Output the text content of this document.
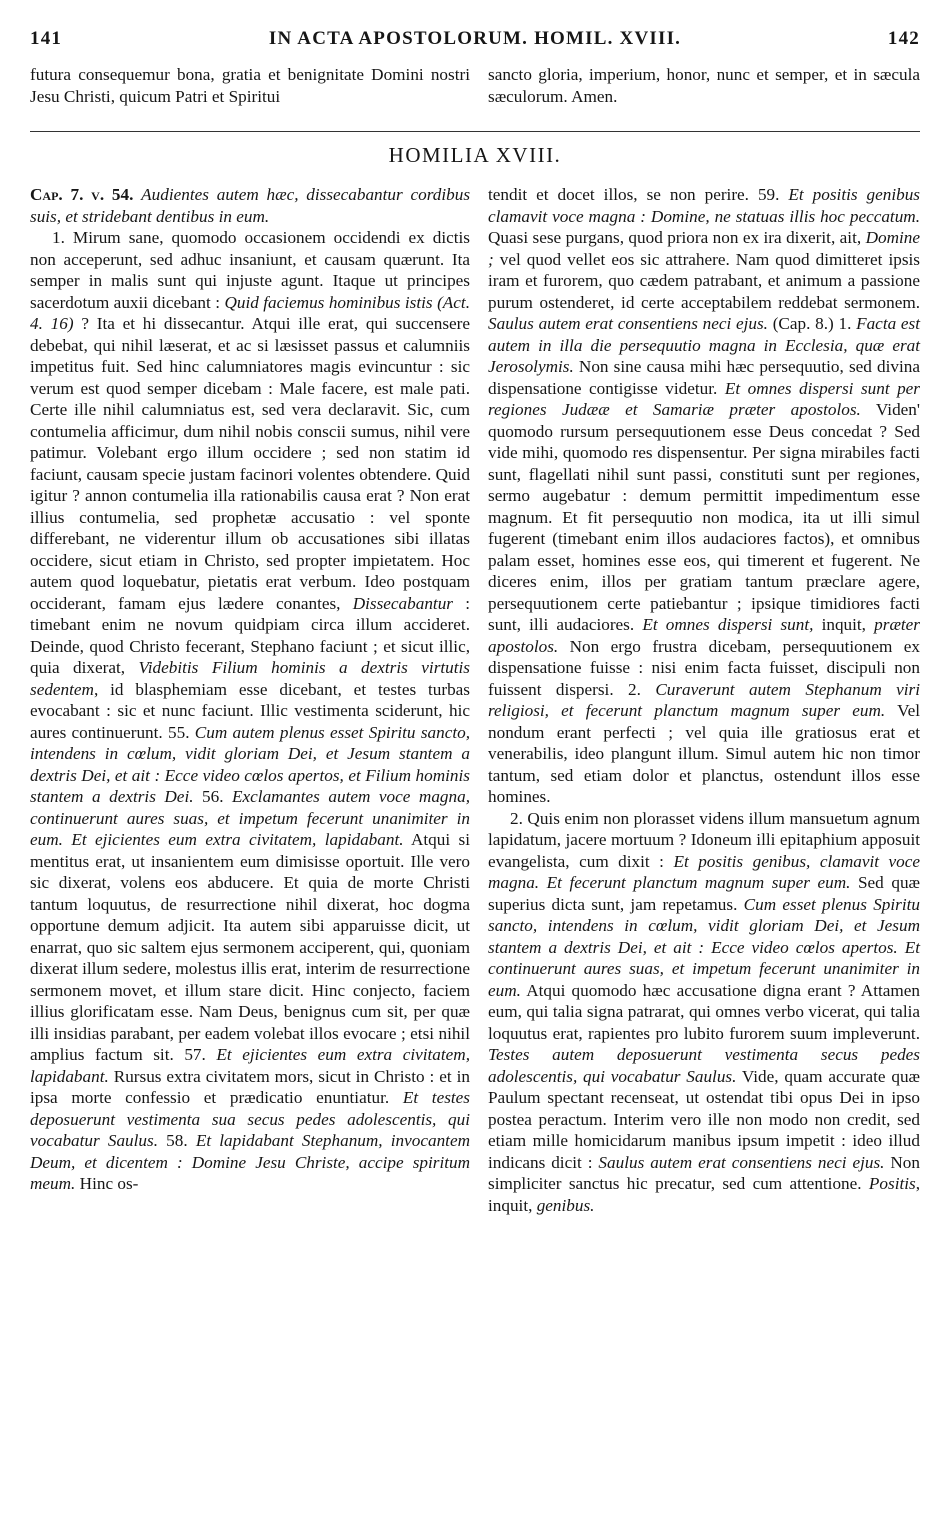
141	IN ACTA APOSTOLORUM. HOMIL. XVIII.	142

futura consequemur bona, gratia et benignitate Domini nostri Jesu Christi, quicum Patri et Spiritui

sancto gloria, imperium, honor, nunc et semper, et in sæcula sæculorum. Amen.

HOMILIA XVIII.

Cap. 7. v. 54. Audientes autem hæc, dissecabantur cordibus suis, et stridebant dentibus in eum.

1. Mirum sane, quomodo occasionem occidendi ex dictis non acceperunt, sed adhuc insaniunt, et causam quærunt. Ita semper in malis sunt qui injuste agunt. Itaque ut principes sacerdotum auxii dicebant : Quid faciemus hominibus istis (Act. 4. 16) ? Ita et hi dissecantur. Atqui ille erat, qui succensere debebat, qui nihil læserat, et ac si læsisset passus et calumniis impetitus fuit. Sed hinc calumniatores magis evincuntur : sic verum est quod semper dicebam : Male facere, est male pati. Certe ille nihil calumniatus est, sed vera declaravit. Sic, cum contumelia afficimur, dum nihil nobis conscii sumus, nihil vere patimur. Volebant ergo illum occidere ; sed non statim id faciunt, causam specie justam facinori volentes obtendere. Quid igitur ? annon contumelia illa rationabilis causa erat ? Non erat illius contumelia, sed prophetæ accusatio : vel sponte differebant, ne viderentur illum ob accusationes sibi illatas occidere, sicut etiam in Christo, sed propter impietatem. Hoc autem quod loquebatur, pietatis erat verbum. Ideo postquam occiderant, famam ejus lædere conantes, Dissecabantur : timebant enim ne novum quidpiam circa illum accideret. Deinde, quod Christo fecerant, Stephano faciunt ; et sicut illic, quia dixerat, Videbitis Filium hominis a dextris virtutis sedentem, id blasphemiam esse dicebant, et testes turbas evocabant : sic et nunc faciunt. Illic vestimenta sciderunt, hic aures continuerunt. 55. Cum autem plenus esset Spiritu sancto, intendens in cœlum, vidit gloriam Dei, et Jesum stantem a dextris Dei, et ait : Ecce video cœlos apertos, et Filium hominis stantem a dextris Dei. 56. Exclamantes autem voce magna, continuerunt aures suas, et impetum fecerunt unanimiter in eum. Et ejicientes eum extra civitatem, lapidabant. Atqui si mentitus erat, ut insanientem eum dimisisse oportuit. Ille vero sic dixerat, volens eos abducere. Et quia de morte Christi tantum loquutus, de resurrectione nihil dixerat, hoc dogma opportune demum adjicit. Ita autem sibi apparuisse dicit, ut enarrat, quo sic saltem ejus sermonem acciperent, qui, quoniam dixerat illum sedere, molestus illis erat, interim de resurrectione sermonem movet, et illum stare dicit. Hinc conjecto, faciem illius glorificatam esse. Nam Deus, benignus cum sit, per quæ illi insidias parabant, per eadem volebat illos evocare ; etsi nihil amplius factum sit. 57. Et ejicientes eum extra civitatem, lapidabant. Rursus extra civitatem mors, sicut in Christo : et in ipsa morte confessio et prædicatio enuntiatur. Et testes deposuerunt vestimenta sua secus pedes adolescentis, qui vocabatur Saulus. 58. Et lapidabant Stephanum, invocantem Deum, et dicentem : Domine Jesu Christe, accipe spiritum meum. Hinc os-

tendit et docet illos, se non perire. 59. Et positis genibus clamavit voce magna : Domine, ne statuas illis hoc peccatum. Quasi sese purgans, quod priora non ex ira dixerit, ait, Domine ; vel quod vellet eos sic attrahere. Nam quod dimitteret ipsis iram et furorem, quo cædem patrabant, et animum a passione purum ostenderet, id certe acceptabilem reddebat sermonem. Saulus autem erat consentiens neci ejus. (Cap. 8.) 1. Facta est autem in illa die persequutio magna in Ecclesia, quæ erat Jerosolymis. Non sine causa mihi hæc persequutio, sed divina dispensatione contigisse videtur. Et omnes dispersi sunt per regiones Judææ et Samariæ præter apostolos. Viden' quomodo rursum persequutionem esse Deus concedat ? Sed vide mihi, quomodo res dispensentur. Per signa mirabiles facti sunt, flagellati nihil sunt passi, constituti sunt per regiones, sermo augebatur : demum permittit impedimentum esse magnum. Et fit persequutio non modica, ita ut illi simul fugerent (timebant enim illos audaciores factos), et omnibus palam esset, homines esse eos, qui timerent et fugerent. Ne diceres enim, illos per gratiam tantum præclare agere, persequutionem certe patiebantur ; ipsique timidiores facti sunt, illi audaciores. Et omnes dispersi sunt, inquit, præter apostolos. Non ergo frustra dicebam, persequutionem ex dispensatione fuisse : nisi enim facta fuisset, discipuli non fuissent dispersi. 2. Curaverunt autem Stephanum viri religiosi, et fecerunt planctum magnum super eum. Vel nondum erant perfecti ; vel quia ille gratiosus erat et venerabilis, ideo plangunt illum. Simul autem hic non timor tantum, sed etiam dolor et planctus, ostendunt illos esse homines.

2. Quis enim non plorasset videns illum mansuetum agnum lapidatum, jacere mortuum ? Idoneum illi epitaphium apposuit evangelista, cum dixit : Et positis genibus, clamavit voce magna. Et fecerunt planctum magnum super eum. Sed quæ superius dicta sunt, jam repetamus. Cum esset plenus Spiritu sancto, intendens in cœlum, vidit gloriam Dei, et Jesum stantem a dextris Dei, et ait : Ecce video cœlos apertos. Et continuerunt aures suas, et impetum fecerunt unanimiter in eum. Atqui quomodo hæc accusatione digna erant ? Attamen eum, qui talia signa patrarat, qui omnes verbo vicerat, qui talia loquutus erat, rapientes pro lubito furorem suum impleverunt. Testes autem deposuerunt vestimenta secus pedes adolescentis, qui vocabatur Saulus. Vide, quam accurate quæ Paulum spectant recenseat, ut ostendat tibi opus Dei in ipso postea peractum. Interim vero ille non modo non credit, sed etiam mille homicidarum manibus ipsum impetit : ideo illud indicans dicit : Saulus autem erat consentiens neci ejus. Non simpliciter sanctus hic precatur, sed cum attentione. Positis, inquit, genibus.
